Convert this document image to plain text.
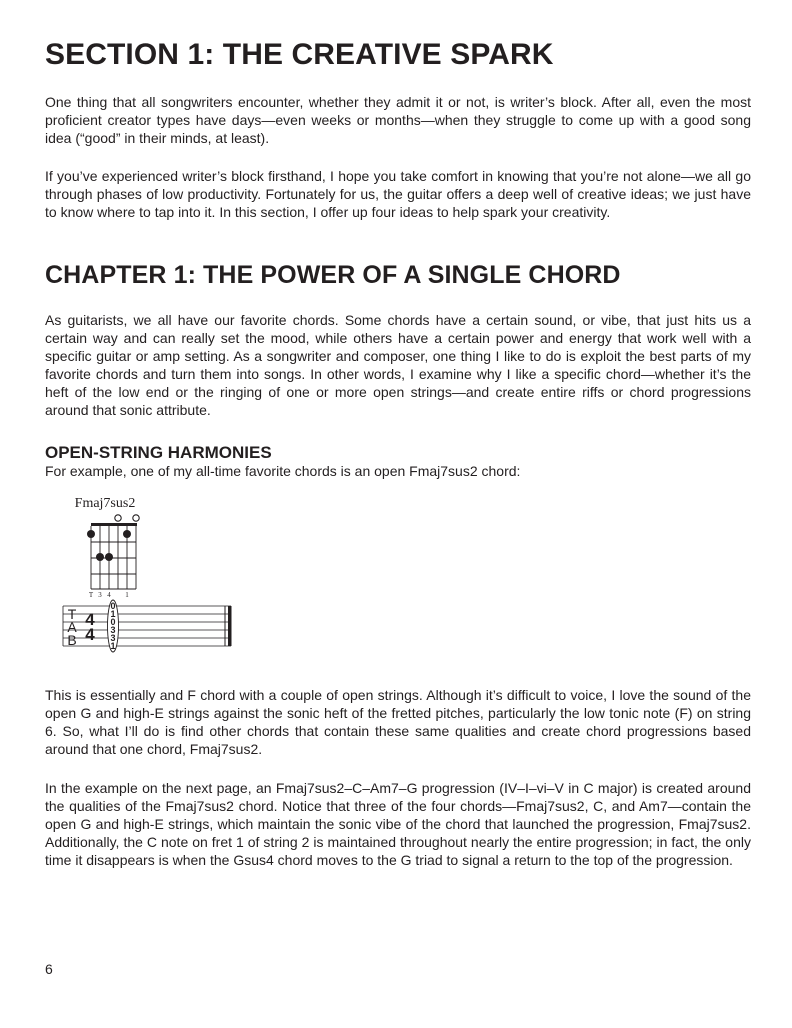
SECTION 1: THE CREATIVE SPARK

One thing that all songwriters encounter, whether they admit it or not, is writer’s block. After all, even the most proficient creator types have days—even weeks or months—when they struggle to come up with a good song idea (“good” in their minds, at least).

If you’ve experienced writer’s block firsthand, I hope you take comfort in knowing that you’re not alone—we all go through phases of low productivity. Fortunately for us, the guitar offers a deep well of creative ideas; we just have to know where to tap into it. In this section, I offer up four ideas to help spark your creativity.

CHAPTER 1: THE POWER OF A SINGLE CHORD

As guitarists, we all have our favorite chords. Some chords have a certain sound, or vibe, that just hits us a certain way and can really set the mood, while others have a certain power and energy that work well with a specific guitar or amp setting. As a songwriter and composer, one thing I like to do is exploit the best parts of my favorite chords and turn them into songs. In other words, I examine why I like a specific chord—whether it’s the heft of the low end or the ringing of one or more open strings—and create entire riffs or chord progressions around that sonic attribute.

OPEN-STRING HARMONIES

For example, one of my all-time favorite chords is an open Fmaj7sus2 chord:

Fmaj7sus2
T 3 4 1
T
A
B
4
4
0
1
0
3
3
1

This is essentially and F chord with a couple of open strings. Although it’s difficult to voice, I love the sound of the open G and high-E strings against the sonic heft of the fretted pitches, particularly the low tonic note (F) on string 6. So, what I’ll do is find other chords that contain these same qualities and create chord progressions based around that one chord, Fmaj7sus2.

In the example on the next page, an Fmaj7sus2–C–Am7–G progression (IV–I–vi–V in C major) is created around the qualities of the Fmaj7sus2 chord. Notice that three of the four chords—Fmaj7sus2, C, and Am7—contain the open G and high-E strings, which maintain the sonic vibe of the chord that launched the progression, Fmaj7sus2. Additionally, the C note on fret 1 of string 2 is maintained throughout nearly the entire progression; in fact, the only time it disappears is when the Gsus4 chord moves to the G triad to signal a return to the top of the progression.

6
